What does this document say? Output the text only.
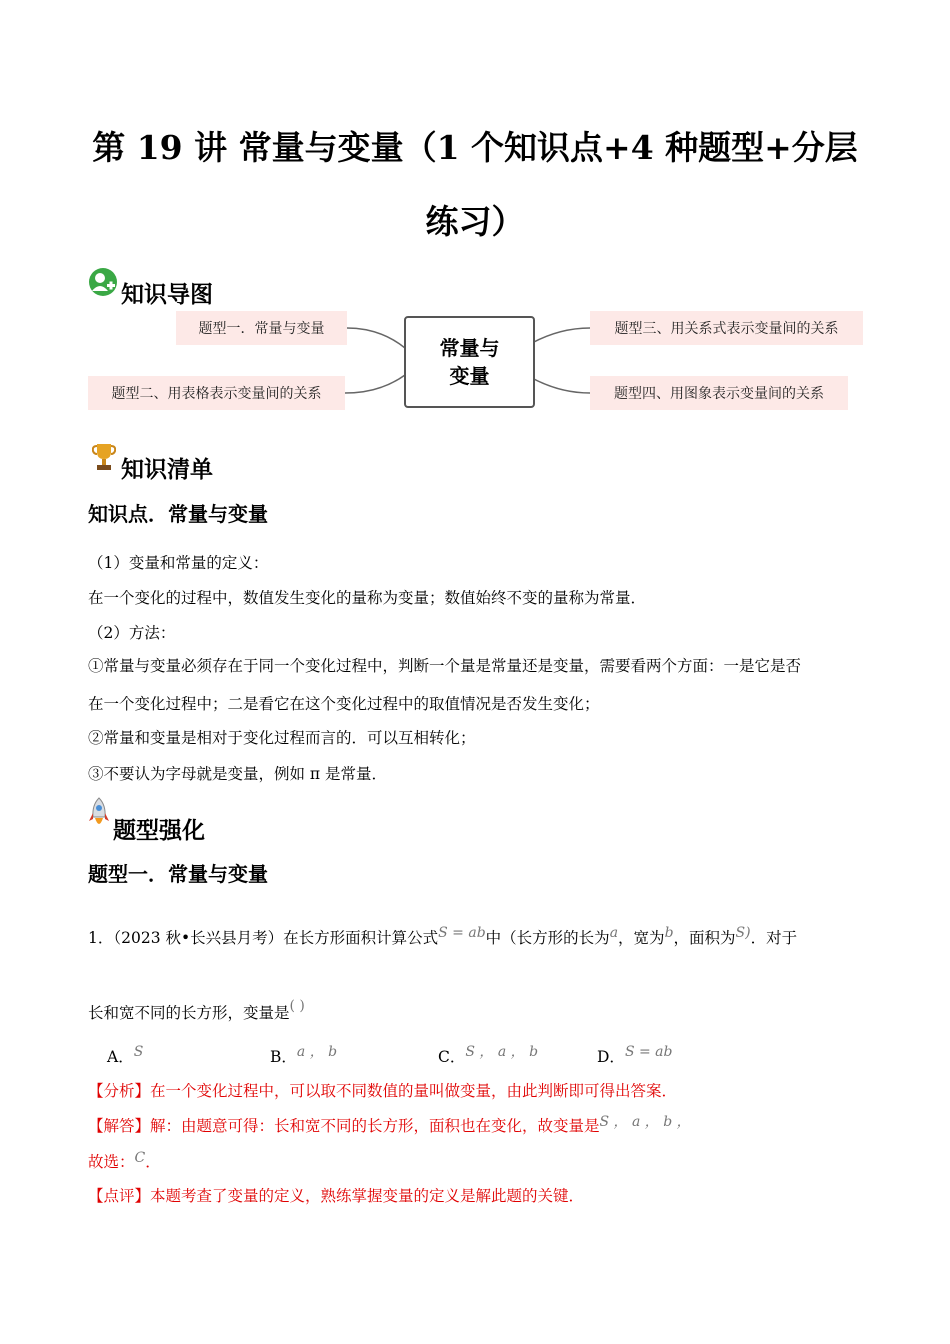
第 19 讲 常量与变量（1 个知识点+4 种题型+分层
练习）
知识导图
题型一．常量与变量
题型二、用表格表示变量间的关系
题型三、用关系式表示变量间的关系
题型四、用图象表示变量间的关系
常量与
变量
知识清单
知识点．常量与变量
（1）变量和常量的定义：
在一个变化的过程中，数值发生变化的量称为变量；数值始终不变的量称为常量．
（2）方法：
①常量与变量必须存在于同一个变化过程中，判断一个量是常量还是变量，需要看两个方面：一是它是否
在一个变化过程中；二是看它在这个变化过程中的取值情况是否发生变化；
②常量和变量是相对于变化过程而言的．可以互相转化；
③不要认为字母就是变量，例如 π 是常量．
题型强化
题型一．常量与变量
1．（2023 秋•长兴县月考）在长方形面积计算公式S = ab中（长方形的长为a，宽为b，面积为S)．对于
长和宽不同的长方形，变量是( )
A．S	B．a ， b	C．S ， a ， b	D．S = ab
【分析】在一个变化过程中，可以取不同数值的量叫做变量，由此判断即可得出答案．
【解答】解：由题意可得：长和宽不同的长方形，面积也在变化，故变量是S ， a ， b ，
故选：C．
【点评】本题考查了变量的定义，熟练掌握变量的定义是解此题的关键．
